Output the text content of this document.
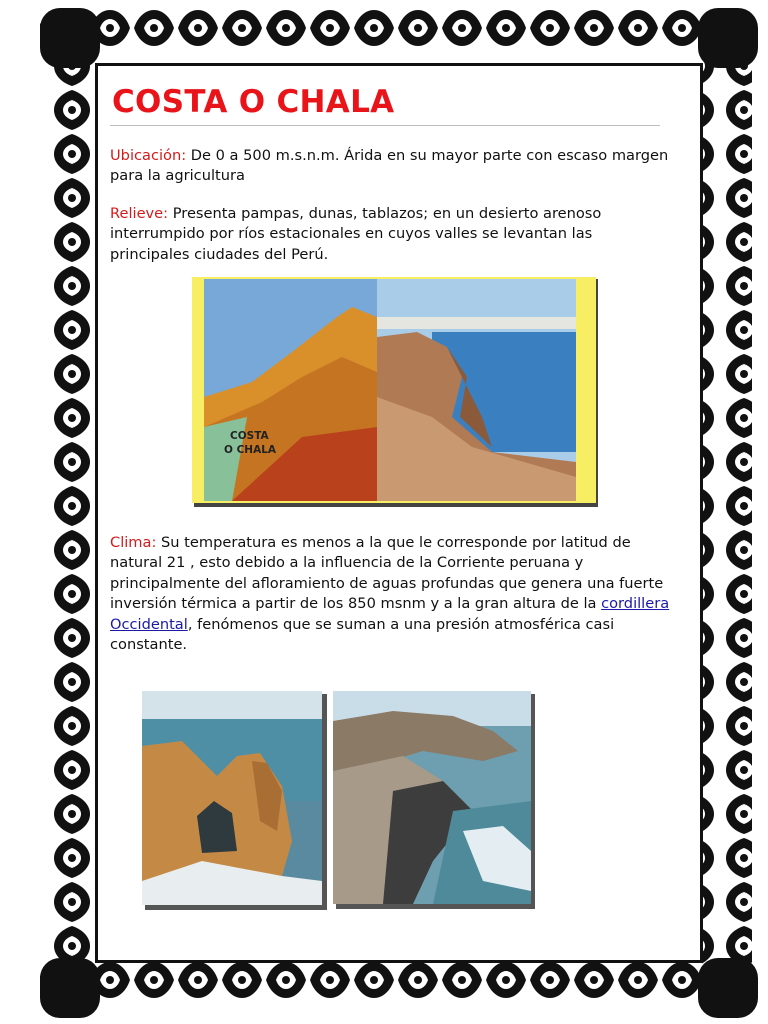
COSTA O CHALA

Ubicación: De 0 a 500 m.s.n.m. Árida en su mayor parte con escaso margen para la agricultura

Relieve: Presenta pampas, dunas, tablazos; en un desierto arenoso interrumpido por ríos estacionales en cuyos valles se levantan las principales ciudades del Perú.

COSTA
O CHALA

Clima: Su temperatura es menos a la que le corresponde por latitud de natural 21 , esto debido a la influencia de la Corriente peruana y principalmente del afloramiento de aguas profundas que genera una fuerte inversión térmica a partir de los 850 msnm y a la gran altura de la cordillera Occidental, fenómenos que se suman a una presión atmosférica casi constante.
